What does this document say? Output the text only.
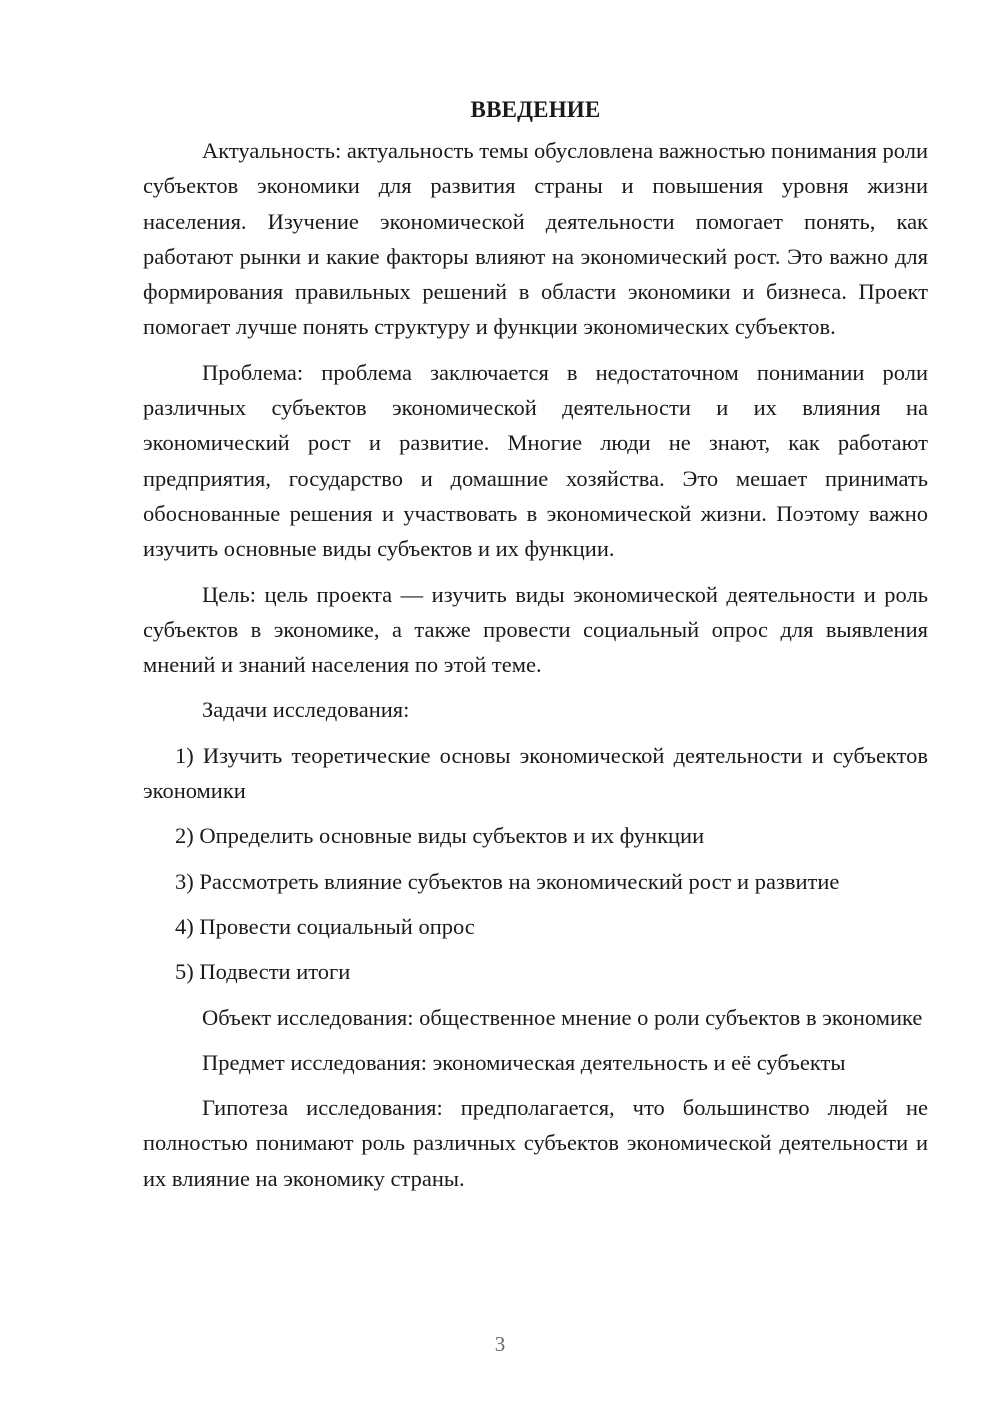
ВВЕДЕНИЕ

Актуальность: актуальность темы обусловлена важностью понимания роли субъектов экономики для развития страны и повышения уровня жизни населения. Изучение экономической деятельности помогает понять, как работают рынки и какие факторы влияют на экономический рост. Это важно для формирования правильных решений в области экономики и бизнеса. Проект помогает лучше понять структуру и функции экономических субъектов.

Проблема: проблема заключается в недостаточном понимании роли различных субъектов экономической деятельности и их влияния на экономический рост и развитие. Многие люди не знают, как работают предприятия, государство и домашние хозяйства. Это мешает принимать обоснованные решения и участвовать в экономической жизни. Поэтому важно изучить основные виды субъектов и их функции.

Цель: цель проекта — изучить виды экономической деятельности и роль субъектов в экономике, а также провести социальный опрос для выявления мнений и знаний населения по этой теме.

Задачи исследования:

1) Изучить теоретические основы экономической деятельности и субъектов экономики

2) Определить основные виды субъектов и их функции

3) Рассмотреть влияние субъектов на экономический рост и развитие

4) Провести социальный опрос

5) Подвести итоги

Объект исследования: общественное мнение о роли субъектов в экономике

Предмет исследования: экономическая деятельность и её субъекты

Гипотеза исследования: предполагается, что большинство людей не полностью понимают роль различных субъектов экономической деятельности и их влияние на экономику страны.

3
